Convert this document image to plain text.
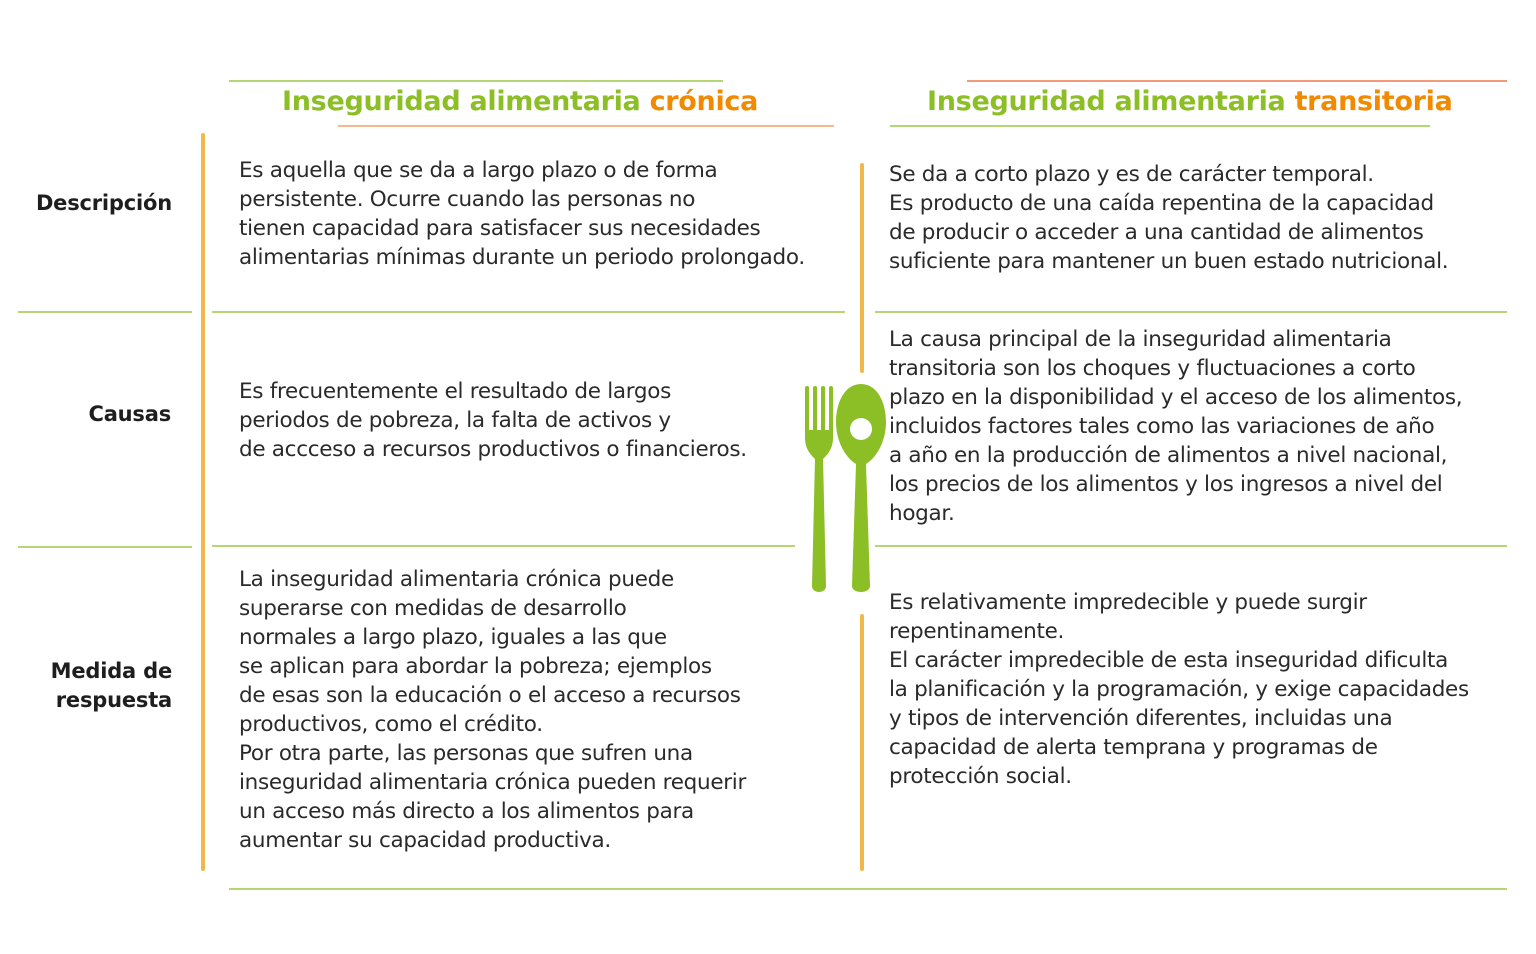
Inseguridad alimentaria crónica	Inseguridad alimentaria transitoria
Descripción
Causas
Medida de
respuesta
Es aquella que se da a largo plazo o de forma
persistente. Ocurre cuando las personas no
tienen capacidad para satisfacer sus necesidades
alimentarias mínimas durante un periodo prolongado.
Es frecuentemente el resultado de largos
periodos de pobreza, la falta de activos y
de accceso a recursos productivos o financieros.
La inseguridad alimentaria crónica puede
superarse con medidas de desarrollo
normales a largo plazo, iguales a las que
se aplican para abordar la pobreza; ejemplos
de esas son la educación o el acceso a recursos
productivos, como el crédito.
Por otra parte, las personas que sufren una
inseguridad alimentaria crónica pueden requerir
un acceso más directo a los alimentos para
aumentar su capacidad productiva.
Se da a corto plazo y es de carácter temporal.
Es producto de una caída repentina de la capacidad
de producir o acceder a una cantidad de alimentos
suficiente para mantener un buen estado nutricional.
La causa principal de la inseguridad alimentaria
transitoria son los choques y fluctuaciones a corto
plazo en la disponibilidad y el acceso de los alimentos,
incluidos factores tales como las variaciones de año
a año en la producción de alimentos a nivel nacional,
los precios de los alimentos y los ingresos a nivel del
hogar.
Es relativamente impredecible y puede surgir
repentinamente.
El carácter impredecible de esta inseguridad dificulta
la planificación y la programación, y exige capacidades
y tipos de intervención diferentes, incluidas una
capacidad de alerta temprana y programas de
protección social.
